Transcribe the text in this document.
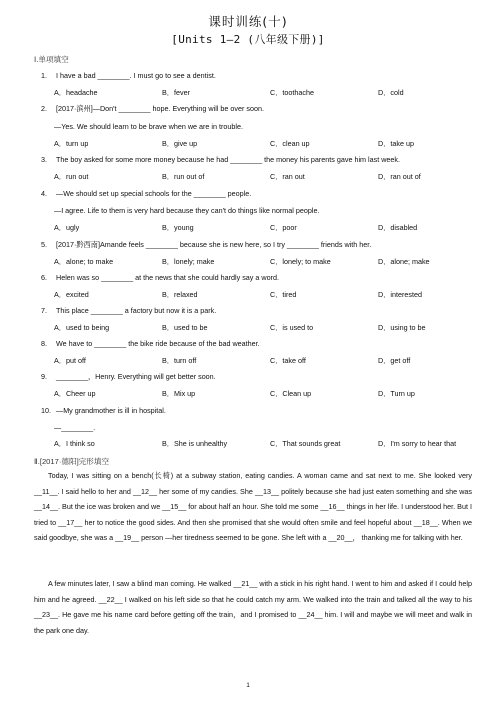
课时训练(十)
[Units 1—2 (八年级下册)]
Ⅰ.单项填空
1. I have a bad ________. I must go to see a dentist.
A．headache	B．fever	C．toothache	D．cold
2. [2017·滨州]—Don't ________ hope. Everything will be over soon.
—Yes. We should learn to be brave when we are in trouble.
A．turn up	B．give up	C．clean up	D．take up
3. The boy asked for some more money because he had ________ the money his parents gave him last week.
A．run out	B．run out of	C．ran out	D．ran out of
4. —We should set up special schools for the ________ people.
—I agree. Life to them is very hard because they can't do things like normal people.
A．ugly	B．young	C．poor	D．disabled
5. [2017·黔西南]Amande feels ________ because she is new here, so I try ________ friends with her.
A．alone; to make	B．lonely; make	C．lonely; to make	D．alone; make
6. Helen was so ________ at the news that she could hardly say a word.
A．excited	B．relaxed	C．tired	D．interested
7. This place ________ a factory but now it is a park.
A．used to being	B．used to be	C．is used to	D．using to be
8. We have to ________ the bike ride because of the bad weather.
A．put off	B．turn off	C．take off	D．get off
9. ________，Henry. Everything will get better soon.
A．Cheer up	B．Mix up	C．Clean up	D．Turn up
10. —My grandmother is ill in hospital.
—________.
A．I think so	B．She is unhealthy	C．That sounds great	D．I'm sorry to hear that
Ⅱ.[2017·德阳]完形填空
Today, I was sitting on a bench(长椅) at a subway station, eating candies. A woman came and sat next to me. She looked very __11__. I said hello to her and __12__ her some of my candies. She __13__ politely because she had just eaten something and she was __14__. But the ice was broken and we __15__ for about half an hour. She told me some __16__ things in her life. I understood her. But I tried to __17__ her to notice the good sides. And then she promised that she would often smile and feel hopeful about __18__. When we said goodbye, she was a __19__ person —her tiredness seemed to be gone. She left with a __20__， thanking me for talking with her.
A few minutes later, I saw a blind man coming. He walked __21__ with a stick in his right hand. I went to him and asked if I could help him and he agreed. __22__ I walked on his left side so that he could catch my arm. We walked into the train and talked all the way to his __23__. He gave me his name card before getting off the train，and I promised to __24__ him. I will and maybe we will meet and walk in the park one day.
1
